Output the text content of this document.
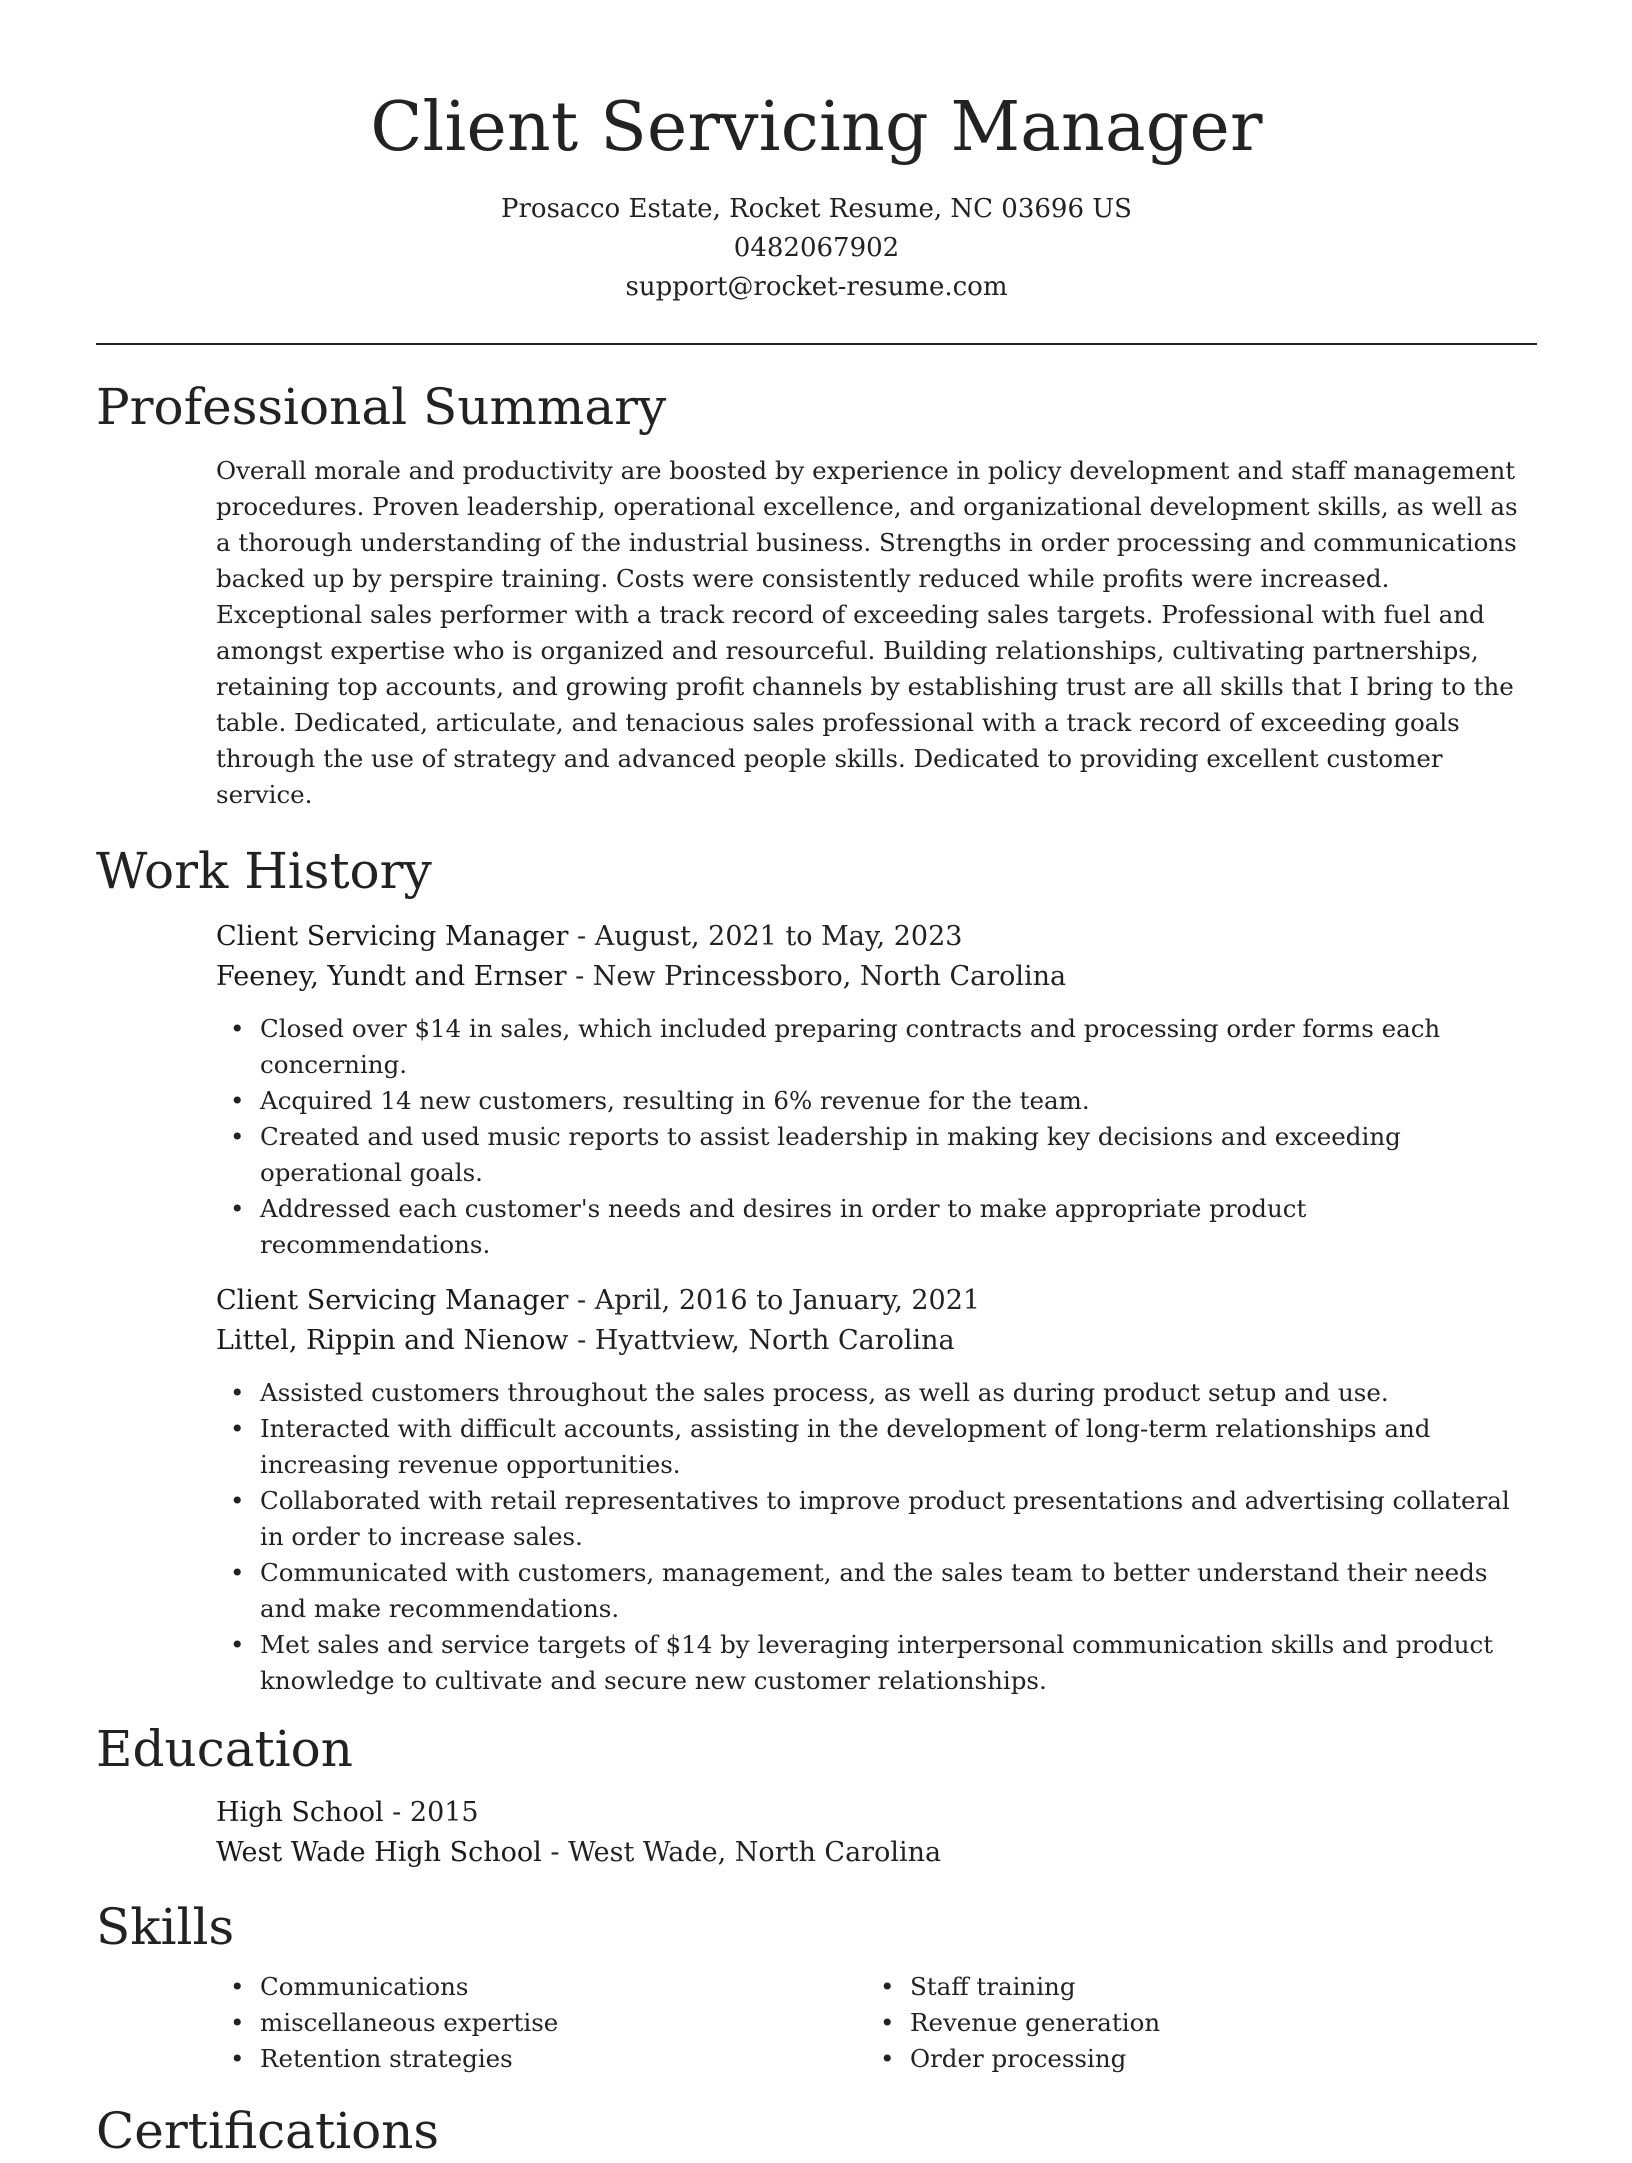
Client Servicing Manager

Prosacco Estate, Rocket Resume, NC 03696 US

0482067902

support@rocket-resume.com

Professional Summary

Overall morale and productivity are boosted by experience in policy development and staff management procedures. Proven leadership, operational excellence, and organizational development skills, as well as a thorough understanding of the industrial business. Strengths in order processing and communications backed up by perspire training. Costs were consistently reduced while profits were increased. Exceptional sales performer with a track record of exceeding sales targets. Professional with fuel and amongst expertise who is organized and resourceful. Building relationships, cultivating partnerships, retaining top accounts, and growing profit channels by establishing trust are all skills that I bring to the table. Dedicated, articulate, and tenacious sales professional with a track record of exceeding goals through the use of strategy and advanced people skills. Dedicated to providing excellent customer service.

Work History

Client Servicing Manager - August, 2021 to May, 2023

Feeney, Yundt and Ernser - New Princessboro, North Carolina

• Closed over $14 in sales, which included preparing contracts and processing order forms each concerning.
• Acquired 14 new customers, resulting in 6% revenue for the team.
• Created and used music reports to assist leadership in making key decisions and exceeding operational goals.
• Addressed each customer's needs and desires in order to make appropriate product recommendations.

Client Servicing Manager - April, 2016 to January, 2021

Littel, Rippin and Nienow - Hyattview, North Carolina

• Assisted customers throughout the sales process, as well as during product setup and use.
• Interacted with difficult accounts, assisting in the development of long-term relationships and increasing revenue opportunities.
• Collaborated with retail representatives to improve product presentations and advertising collateral in order to increase sales.
• Communicated with customers, management, and the sales team to better understand their needs and make recommendations.
• Met sales and service targets of $14 by leveraging interpersonal communication skills and product knowledge to cultivate and secure new customer relationships.
Education

High School - 2015

West Wade High School - West Wade, North Carolina

Skills
• Communications
• miscellaneous expertise
• Retention strategies
• Staff training
• Revenue generation
• Order processing
Certifications
